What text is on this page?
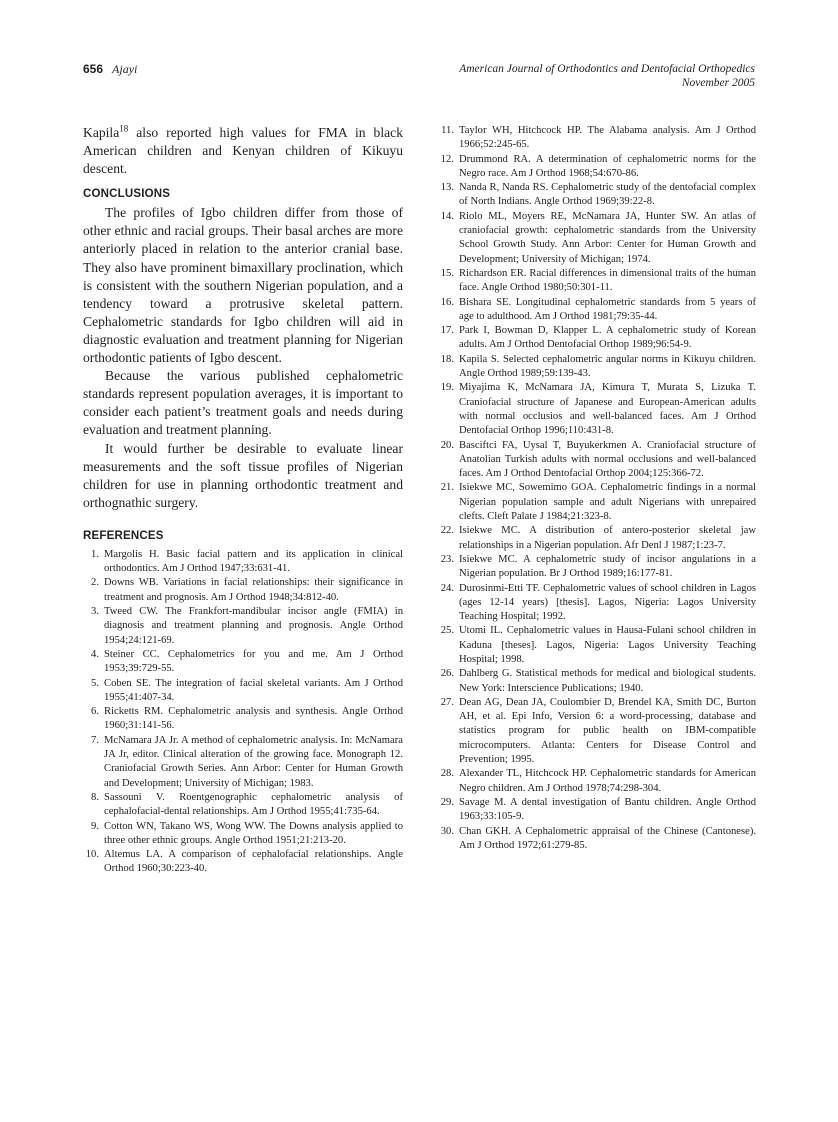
656 Ajayi	American Journal of Orthodontics and Dentofacial Orthopedics
November 2005

Kapila$^{18}$ also reported high values for FMA in black American children and Kenyan children of Kikuyu descent.

CONCLUSIONS

The profiles of Igbo children differ from those of other ethnic and racial groups. Their basal arches are more anteriorly placed in relation to the anterior cranial base. They also have prominent bimaxillary proclination, which is consistent with the southern Nigerian population, and a tendency toward a protrusive skeletal pattern. Cephalometric standards for Igbo children will aid in diagnostic evaluation and treatment planning for Nigerian orthodontic patients of Igbo descent.

Because the various published cephalometric standards represent population averages, it is important to consider each patient’s treatment goals and needs during evaluation and treatment planning.

It would further be desirable to evaluate linear measurements and the soft tissue profiles of Nigerian children for use in planning orthodontic treatment and orthognathic surgery.

REFERENCES
1. Margolis H. Basic facial pattern and its application in clinical orthodontics. Am J Orthod 1947;33:631-41.
2. Downs WB. Variations in facial relationships: their significance in treatment and prognosis. Am J Orthod 1948;34:812-40.
3. Tweed CW. The Frankfort-mandibular incisor angle (FMIA) in diagnosis and treatment planning and prognosis. Angle Orthod 1954;24:121-69.
4. Steiner CC. Cephalometrics for you and me. Am J Orthod 1953;39:729-55.
5. Coben SE. The integration of facial skeletal variants. Am J Orthod 1955;41:407-34.
6. Ricketts RM. Cephalometric analysis and synthesis. Angle Orthod 1960;31:141-56.
7. McNamara JA Jr. A method of cephalometric analysis. In: McNamara JA Jr, editor. Clinical alteration of the growing face. Monograph 12. Craniofacial Growth Series. Ann Arbor: Center for Human Growth and Development; University of Michigan; 1983.
8. Sassouni V. Roentgenographic cephalometric analysis of cephalofacial-dental relationships. Am J Orthod 1955;41:735-64.
9. Cotton WN, Takano WS, Wong WW. The Downs analysis applied to three other ethnic groups. Angle Orthod 1951;21:213-20.
10. Altemus LA. A comparison of cephalofacial relationships. Angle Orthod 1960;30:223-40.
11. Taylor WH, Hitchcock HP. The Alabama analysis. Am J Orthod 1966;52:245-65.
12. Drummond RA. A determination of cephalometric norms for the Negro race. Am J Orthod 1968;54:670-86.
13. Nanda R, Nanda RS. Cephalometric study of the dentofacial complex of North Indians. Angle Orthod 1969;39:22-8.
14. Riolo ML, Moyers RE, McNamara JA, Hunter SW. An atlas of craniofacial growth: cephalometric standards from the University School Growth Study. Ann Arbor: Center for Human Growth and Development; University of Michigan; 1974.
15. Richardson ER. Racial differences in dimensional traits of the human face. Angle Orthod 1980;50:301-11.
16. Bishara SE. Longitudinal cephalometric standards from 5 years of age to adulthood. Am J Orthod 1981;79:35-44.
17. Park I, Bowman D, Klapper L. A cephalometric study of Korean adults. Am J Orthod Dentofacial Orthop 1989;96:54-9.
18. Kapila S. Selected cephalometric angular norms in Kikuyu children. Angle Orthod 1989;59:139-43.
19. Miyajima K, McNamara JA, Kimura T, Murata S, Lizuka T. Craniofacial structure of Japanese and European-American adults with normal occlusios and well-balanced faces. Am J Orthod Dentofacial Orthop 1996;110:431-8.
20. Basciftci FA, Uysal T, Buyukerkmen A. Craniofacial structure of Anatolian Turkish adults with normal occlusions and well-balanced faces. Am J Orthod Dentofacial Orthop 2004;125:366-72.
21. Isiekwe MC, Sowemimo GOA. Cephalometric findings in a normal Nigerian population sample and adult Nigerians with unrepaired clefts. Cleft Palate J 1984;21:323-8.
22. Isiekwe MC. A distribution of antero-posterior skeletal jaw relationships in a Nigerian population. Afr Denl J 1987;1:23-7.
23. Isiekwe MC. A cephalometric study of incisor angulations in a Nigerian population. Br J Orthod 1989;16:177-81.
24. Durosinmi-Etti TF. Cephalometric values of school children in Lagos (ages 12-14 years) [thesis]. Lagos, Nigeria: Lagos University Teaching Hospital; 1992.
25. Utomi IL. Cephalometric values in Hausa-Fulani school children in Kaduna [theses]. Lagos, Nigeria: Lagos University Teaching Hospital; 1998.
26. Dahlberg G. Statistical methods for medical and biological students. New York: Interscience Publications; 1940.
27. Dean AG, Dean JA, Coulombier D, Brendel KA, Smith DC, Burton AH, et al. Epi Info, Version 6: a word-processing, database and statistics program for public health on IBM-compatible microcomputers. Atlanta: Centers for Disease Control and Prevention; 1995.
28. Alexander TL, Hitchcock HP. Cephalometric standards for American Negro children. Am J Orthod 1978;74:298-304.
29. Savage M. A dental investigation of Bantu children. Angle Orthod 1963;33:105-9.
30. Chan GKH. A Cephalometric appraisal of the Chinese (Cantonese). Am J Orthod 1972;61:279-85.
